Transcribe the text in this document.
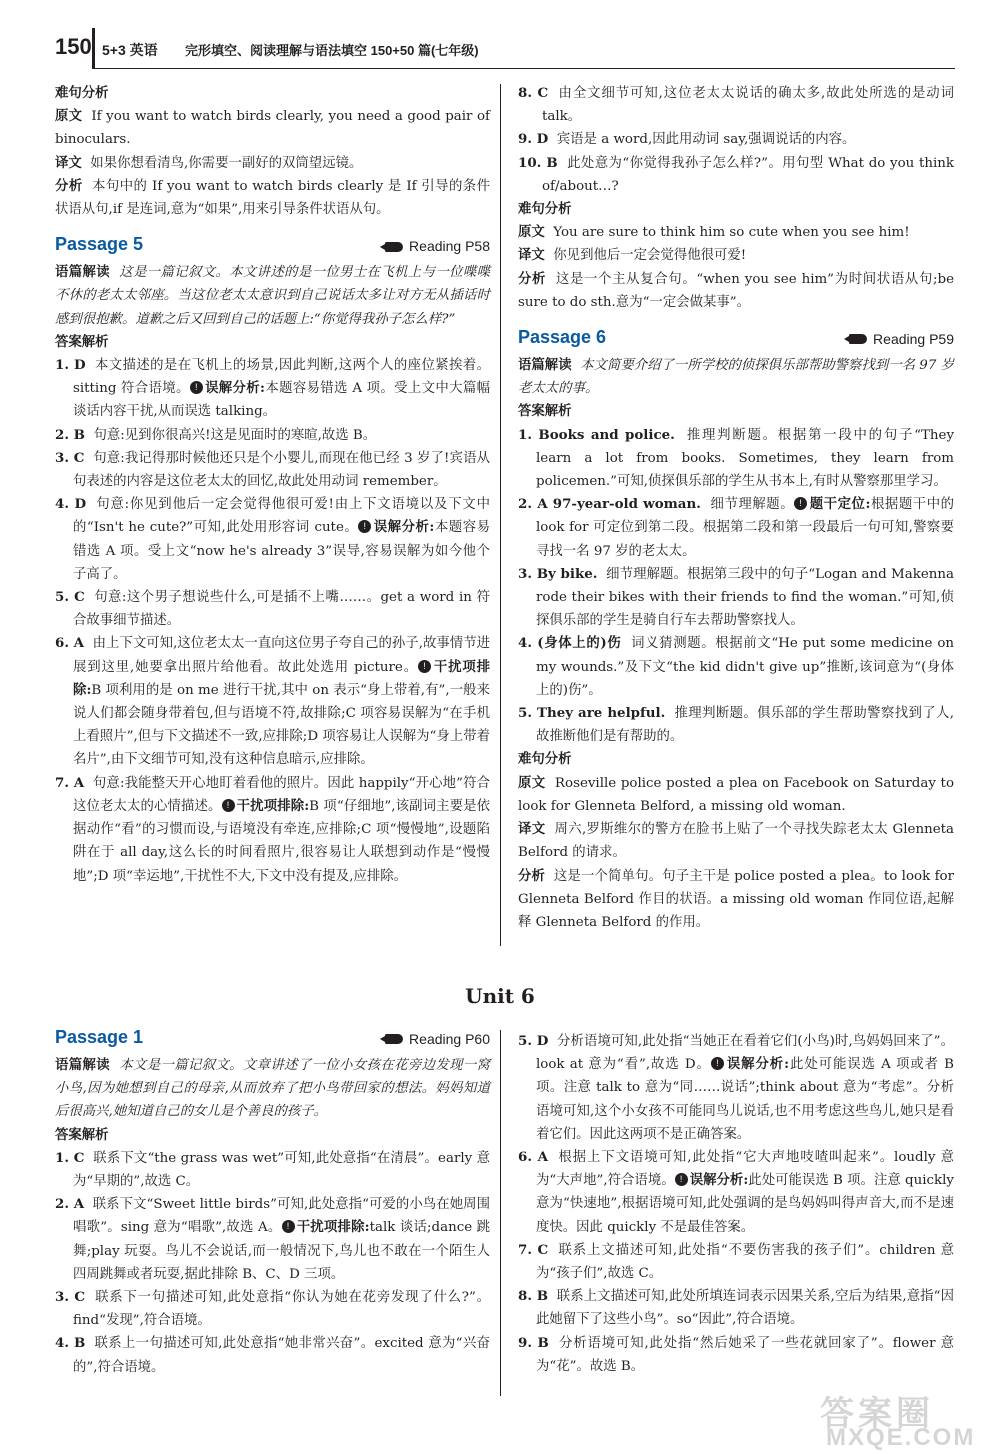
150 5+3 英语 完形填空、阅读理解与语法填空 150+50 篇(七年级)

难句分析

原文 If you want to watch birds clearly, you need a good pair of binoculars.

译文 如果你想看清鸟,你需要一副好的双筒望远镜。

分析 本句中的 If you want to watch birds clearly 是 If 引导的条件状语从句,if 是连词,意为“如果”,用来引导条件状语从句。

Passage 5	Reading P58

语篇解读 这是一篇记叙文。本文讲述的是一位男士在飞机上与一位喋喋不休的老太太邻座。当这位老太太意识到自己说话太多让对方无从插话时感到很抱歉。道歉之后又回到自己的话题上:“你觉得我孙子怎么样?”

答案解析

1. D 本文描述的是在飞机上的场景,因此判断,这两个人的座位紧挨着。sitting 符合语境。 ! 误解分析:本题容易错选 A 项。受上文中大篇幅谈话内容干扰,从而误选 talking。

2. B 句意:见到你很高兴!这是见面时的寒暄,故选 B。

3. C 句意:我记得那时候他还只是个小婴儿,而现在他已经 3 岁了!宾语从句表述的内容是这位老太太的回忆,故此处用动词 remember。

4. D 句意:你见到他后一定会觉得他很可爱!由上下文语境以及下文中的“Isn't he cute?”可知,此处用形容词 cute。 ! 误解分析:本题容易错选 A 项。受上文“now he's already 3”误导,容易误解为如今他个子高了。

5. C 句意:这个男子想说些什么,可是插不上嘴……。get a word in 符合故事细节描述。

6. A 由上下文可知,这位老太太一直向这位男子夸自己的孙子,故事情节进展到这里,她要拿出照片给他看。故此处选用 picture。 ! 干扰项排除:B 项利用的是 on me 进行干扰,其中 on 表示“身上带着,有”,一般来说人们都会随身带着包,但与语境不符,故排除;C 项容易误解为“在手机上看照片”,但与下文描述不一致,应排除;D 项容易让人误解为“身上带着名片”,由下文细节可知,没有这种信息暗示,应排除。

7. A 句意:我能整天开心地盯着看他的照片。因此 happily“开心地”符合这位老太太的心情描述。 ! 干扰项排除:B 项“仔细地”,该副词主要是依据动作“看”的习惯而设,与语境没有牵连,应排除;C 项“慢慢地”,设题陷阱在于 all day,这么长的时间看照片,很容易让人联想到动作是“慢慢地”;D 项“幸运地”,干扰性不大,下文中没有提及,应排除。

8. C 由全文细节可知,这位老太太说话的确太多,故此处所选的是动词 talk。

9. D 宾语是 a word,因此用动词 say,强调说话的内容。

10. B 此处意为“你觉得我孙子怎么样?”。用句型 What do you think of/about…?

难句分析

原文 You are sure to think him so cute when you see him!

译文 你见到他后一定会觉得他很可爱!

分析 这是一个主从复合句。“when you see him”为时间状语从句;be sure to do sth.意为“一定会做某事”。

Passage 6	Reading P59

语篇解读 本文简要介绍了一所学校的侦探俱乐部帮助警察找到一名 97 岁老太太的事。

答案解析

1. Books and police. 推理判断题。根据第一段中的句子“They learn a lot from books. Sometimes, they learn from policemen.”可知,侦探俱乐部的学生从书本上,有时从警察那里学习。

2. A 97-year-old woman. 细节理解题。 ! 题干定位:根据题干中的 look for 可定位到第二段。根据第二段和第一段最后一句可知,警察要寻找一名 97 岁的老太太。

3. By bike. 细节理解题。根据第三段中的句子“Logan and Makenna rode their bikes with their friends to find the woman.”可知,侦探俱乐部的学生是骑自行车去帮助警察找人。

4. (身体上的)伤 词义猜测题。根据前文“He put some medicine on my wounds.”及下文“the kid didn't give up”推断,该词意为“(身体上的)伤”。

5. They are helpful. 推理判断题。俱乐部的学生帮助警察找到了人,故推断他们是有帮助的。

难句分析

原文 Roseville police posted a plea on Facebook on Saturday to look for Glenneta Belford, a missing old woman.

译文 周六,罗斯维尔的警方在脸书上贴了一个寻找失踪老太太 Glenneta Belford 的请求。

分析 这是一个简单句。句子主干是 police posted a plea。to look for Glenneta Belford 作目的状语。a missing old woman 作同位语,起解释 Glenneta Belford 的作用。

Unit 6
Passage 1	Reading P60

语篇解读 本文是一篇记叙文。文章讲述了一位小女孩在花旁边发现一窝小鸟,因为她想到自己的母亲,从而放弃了把小鸟带回家的想法。妈妈知道后很高兴,她知道自己的女儿是个善良的孩子。

答案解析

1. C 联系下文“the grass was wet”可知,此处意指“在清晨”。early 意为“早期的”,故选 C。

2. A 联系下文“Sweet little birds”可知,此处意指“可爱的小鸟在她周围唱歌”。sing 意为“唱歌”,故选 A。 ! 干扰项排除:talk 谈话;dance 跳舞;play 玩耍。鸟儿不会说话,而一般情况下,鸟儿也不敢在一个陌生人四周跳舞或者玩耍,据此排除 B、C、D 三项。

3. C 联系下一句描述可知,此处意指“你认为她在花旁发现了什么?”。find“发现”,符合语境。

4. B 联系上一句描述可知,此处意指“她非常兴奋”。excited 意为“兴奋的”,符合语境。

5. D 分析语境可知,此处指“当她正在看着它们(小鸟)时,鸟妈妈回来了”。look at 意为“看”,故选 D。 ! 误解分析:此处可能误选 A 项或者 B 项。注意 talk to 意为“同……说话”;think about 意为“考虑”。分析语境可知,这个小女孩不可能同鸟儿说话,也不用考虑这些鸟儿,她只是看着它们。因此这两项不是正确答案。

6. A 根据上下文语境可知,此处指“它大声地吱喳叫起来”。loudly 意为“大声地”,符合语境。 ! 误解分析:此处可能误选 B 项。注意 quickly 意为“快速地”,根据语境可知,此处强调的是鸟妈妈叫得声音大,而不是速度快。因此 quickly 不是最佳答案。

7. C 联系上文描述可知,此处指“不要伤害我的孩子们”。children 意为“孩子们”,故选 C。

8. B 联系上文描述可知,此处所填连词表示因果关系,空后为结果,意指“因此她留下了这些小鸟”。so“因此”,符合语境。

9. B 分析语境可知,此处指“然后她采了一些花就回家了”。flower 意为“花”。故选 B。

答案圈
MXQE.COM
